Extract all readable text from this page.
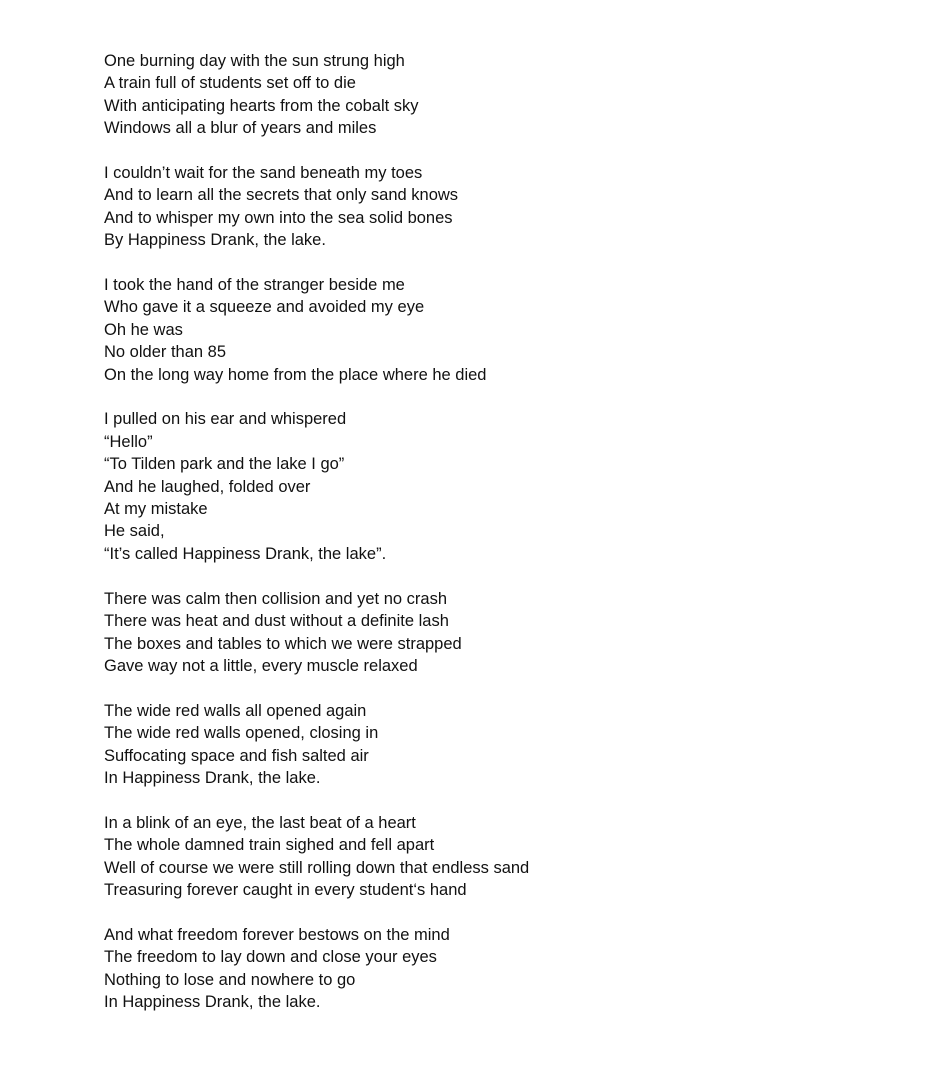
One burning day with the sun strung high
A train full of students set off to die
With anticipating hearts from the cobalt sky
Windows all a blur of years and miles
I couldn’t wait for the sand beneath my toes
And to learn all the secrets that only sand knows
And to whisper my own into the sea solid bones
By Happiness Drank, the lake.
I took the hand of the stranger beside me
Who gave it a squeeze and avoided my eye
Oh he was
No older than 85
On the long way home from the place where he died
I pulled on his ear and whispered
“Hello”
“To Tilden park and the lake I go”
And he laughed, folded over
At my mistake
He said,
“It’s called Happiness Drank, the lake”.
There was calm then collision and yet no crash
There was heat and dust without a definite lash
The boxes and tables to which we were strapped
Gave way not a little, every muscle relaxed
The wide red walls all opened again
The wide red walls opened, closing in
Suffocating space and fish salted air
In Happiness Drank, the lake.
In a blink of an eye, the last beat of a heart
The whole damned train sighed and fell apart
Well of course we were still rolling down that endless sand
Treasuring forever caught in every student‘s hand
And what freedom forever bestows on the mind
The freedom to lay down and close your eyes
Nothing to lose and nowhere to go
In Happiness Drank, the lake.
